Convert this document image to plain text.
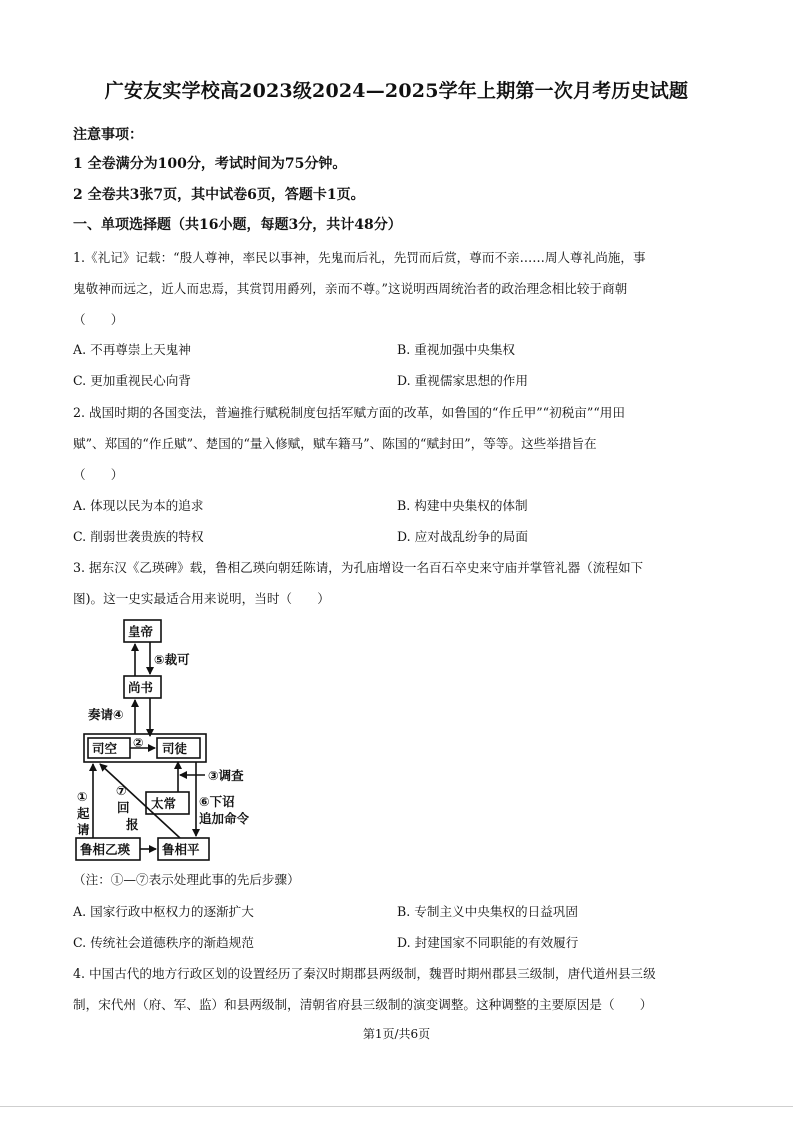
广安友实学校高2023级2024—2025学年上期第一次月考历史试题
注意事项：
1 全卷满分为100分，考试时间为75分钟。
2 全卷共3张7页，其中试卷6页，答题卡1页。
一、单项选择题（共16小题，每题3分，共计48分）
1.《礼记》记载：“殷人尊神，率民以事神，先鬼而后礼，先罚而后赏，尊而不亲……周人尊礼尚施，事
鬼敬神而远之，近人而忠焉，其赏罚用爵列，亲而不尊。”这说明西周统治者的政治理念相比较于商朝
（　　）
A. 不再尊崇上天鬼神	B. 重视加强中央集权
C. 更加重视民心向背	D. 重视儒家思想的作用
2. 战国时期的各国变法，普遍推行赋税制度包括军赋方面的改革，如鲁国的“作丘甲”“初税亩”“用田
赋”、郑国的“作丘赋”、楚国的“量入修赋，赋车籍马”、陈国的“赋封田”，等等。这些举措旨在
（　　）
A. 体现以民为本的追求	B. 构建中央集权的体制
C. 削弱世袭贵族的特权	D. 应对战乱纷争的局面
3. 据东汉《乙瑛碑》载，鲁相乙瑛向朝廷陈请，为孔庙增设一名百石卒史来守庙并掌管礼器（流程如下
图)。这一史实最适合用来说明，当时（　　）
皇帝
尚书
司空	司徒
太常
鲁相乙瑛	鲁相平
⑤裁可
奏请④
②
③调查
①
起
请
⑦
回
报
⑥下诏
追加命令
（注：①—⑦表示处理此事的先后步骤）
A. 国家行政中枢权力的逐渐扩大	B. 专制主义中央集权的日益巩固
C. 传统社会道德秩序的渐趋规范	D. 封建国家不同职能的有效履行
4. 中国古代的地方行政区划的设置经历了秦汉时期郡县两级制，魏晋时期州郡县三级制，唐代道州县三级
制，宋代州（府、军、监）和县两级制，清朝省府县三级制的演变调整。这种调整的主要原因是（　　）
第1页/共6页
